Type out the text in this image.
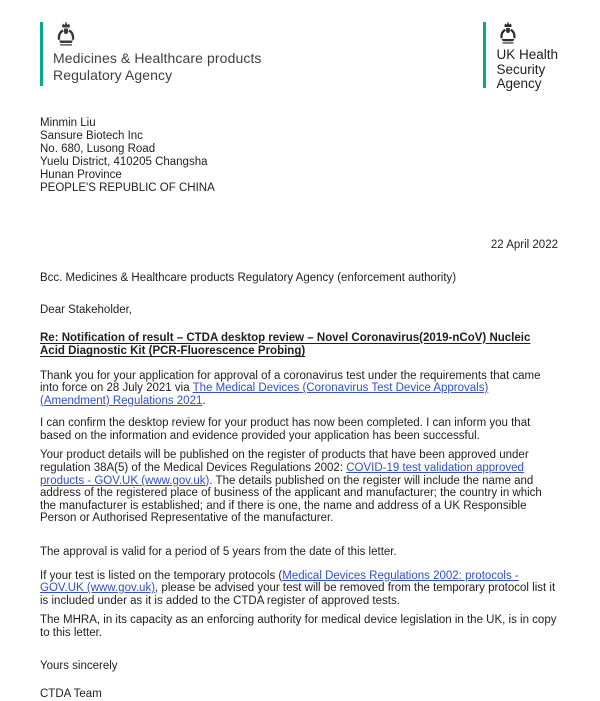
Medicines & Healthcare products
Regulatory Agency
UK Health
Security
Agency
Minmin Liu
Sansure Biotech Inc
No. 680, Lusong Road
Yuelu District, 410205 Changsha
Hunan Province
PEOPLE'S REPUBLIC OF CHINA
22 April 2022
Bcc. Medicines & Healthcare products Regulatory Agency (enforcement authority)
Dear Stakeholder,
Re: Notification of result – CTDA desktop review – Novel Coronavirus(2019-nCoV) Nucleic Acid Diagnostic Kit (PCR-Fluorescence Probing)

Thank you for your application for approval of a coronavirus test under the requirements that came into force on 28 July 2021 via The Medical Devices (Coronavirus Test Device Approvals) (Amendment) Regulations 2021.

I can confirm the desktop review for your product has now been completed. I can inform you that based on the information and evidence provided your application has been successful.

Your product details will be published on the register of products that have been approved under regulation 38A(5) of the Medical Devices Regulations 2002: COVID-19 test validation approved products - GOV.UK (www.gov.uk). The details published on the register will include the name and address of the registered place of business of the applicant and manufacturer; the country in which the manufacturer is established; and if there is one, the name and address of a UK Responsible Person or Authorised Representative of the manufacturer.

The approval is valid for a period of 5 years from the date of this letter.

If your test is listed on the temporary protocols (Medical Devices Regulations 2002: protocols - GOV.UK (www.gov.uk), please be advised your test will be removed from the temporary protocol list it is included under as it is added to the CTDA register of approved tests.

The MHRA, in its capacity as an enforcing authority for medical device legislation in the UK, is in copy to this letter.

Yours sincerely
CTDA Team
